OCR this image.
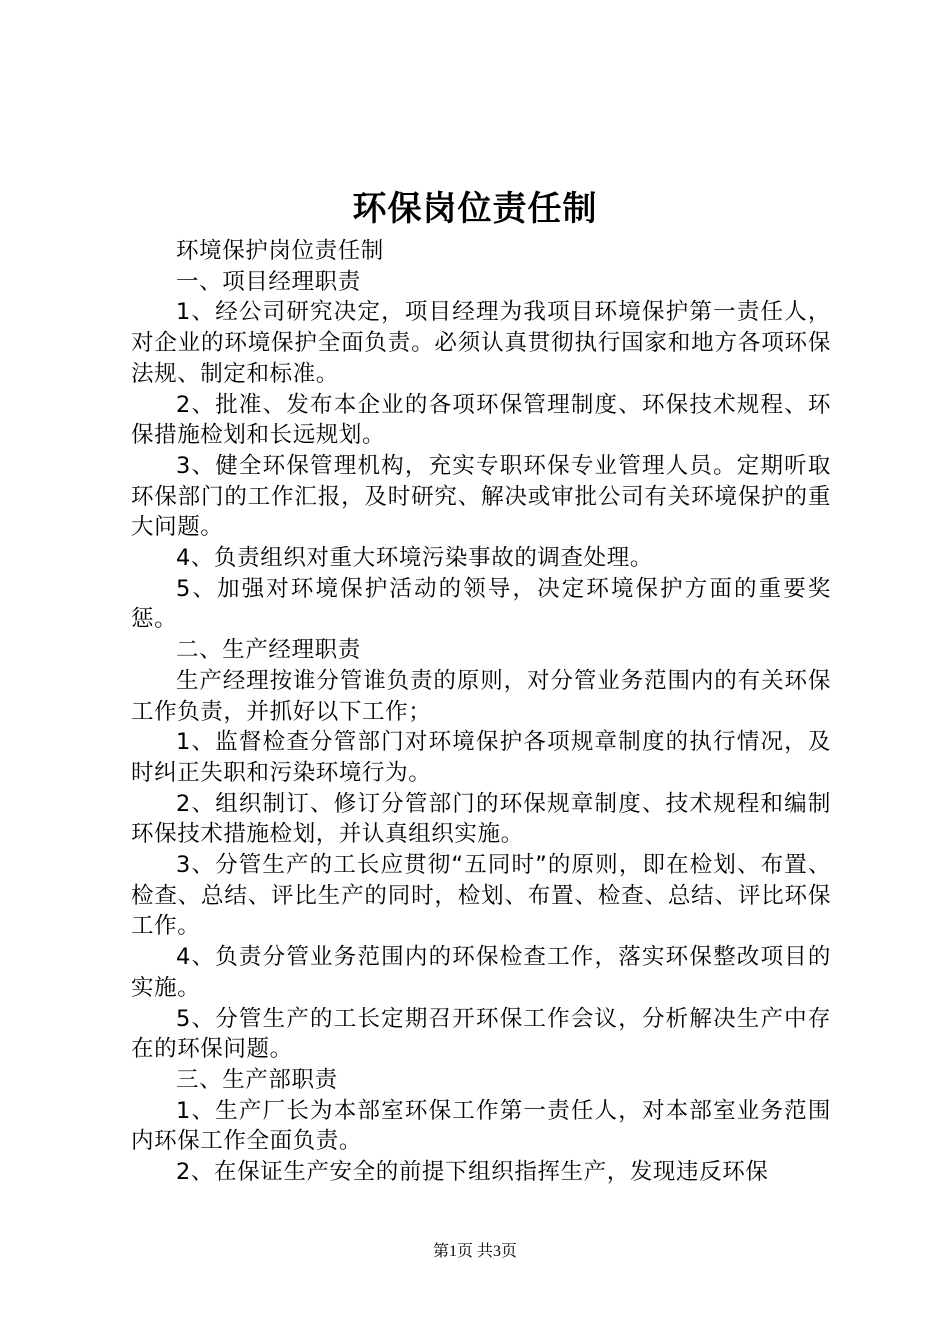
环保岗位责任制

环境保护岗位责任制

一、项目经理职责

1、经公司研究决定，项目经理为我项目环境保护第一责任人，对企业的环境保护全面负责。必须认真贯彻执行国家和地方各项环保法规、制定和标准。

2、批准、发布本企业的各项环保管理制度、环保技术规程、环保措施检划和长远规划。

3、健全环保管理机构，充实专职环保专业管理人员。定期听取环保部门的工作汇报，及时研究、解决或审批公司有关环境保护的重大问题。

4、负责组织对重大环境污染事故的调查处理。

5、加强对环境保护活动的领导，决定环境保护方面的重要奖惩。

二、生产经理职责

生产经理按谁分管谁负责的原则，对分管业务范围内的有关环保工作负责，并抓好以下工作；

1、监督检查分管部门对环境保护各项规章制度的执行情况，及时纠正失职和污染环境行为。

2、组织制订、修订分管部门的环保规章制度、技术规程和编制环保技术措施检划，并认真组织实施。

3、分管生产的工长应贯彻“五同时”的原则，即在检划、布置、检查、总结、评比生产的同时，检划、布置、检查、总结、评比环保工作。

4、负责分管业务范围内的环保检查工作，落实环保整改项目的实施。

5、分管生产的工长定期召开环保工作会议，分析解决生产中存在的环保问题。

三、生产部职责

1、生产厂长为本部室环保工作第一责任人，对本部室业务范围内环保工作全面负责。

2、在保证生产安全的前提下组织指挥生产，发现违反环保

第1页 共3页
